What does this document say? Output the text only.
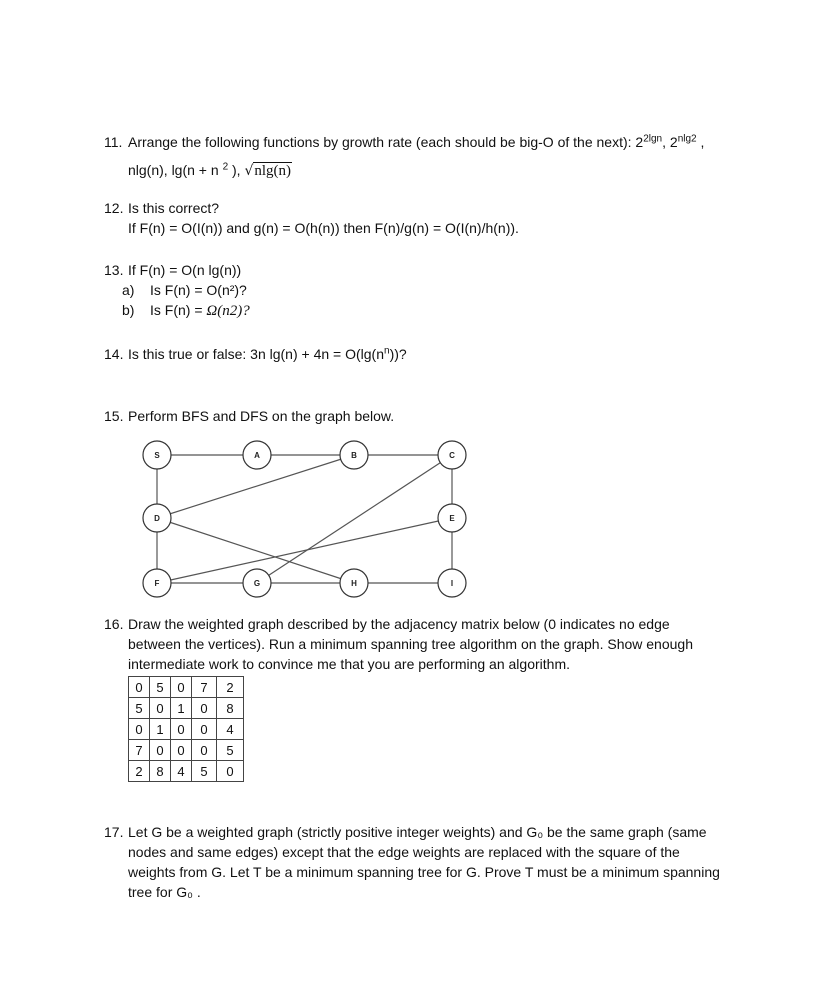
11. Arrange the following functions by growth rate (each should be big-O of the next): $2^{2lgn}$, $2^{nlg2}$ ,
nlg(n), lg(n + n $^2$ ), √nlg(n)
12. Is this correct?
If F(n) = O(I(n)) and g(n) = O(h(n)) then F(n)/g(n) = O(I(n)/h(n)).
13. If F(n) = O(n lg(n))
a) Is F(n) = O(n²)?
b) Is F(n) = Ω(n2)?
14. Is this true or false: 3n $\lg(n) + 4n = O(\lg(n^n))$?
15. Perform BFS and DFS on the graph below.
S	A	B	C
D	E
F	G	H	I
16. Draw the weighted graph described by the adjacency matrix below (0 indicates no edge
between the vertices). Run a minimum spanning tree algorithm on the graph. Show enough
intermediate work to convince me that you are performing an algorithm.
0	5	0	7	2
5	0	1	0	8
0	1	0	0	4
7	0	0	0	5
2	8	4	5	0
17. Let G be a weighted graph (strictly positive integer weights) and G₀ be the same graph (same
nodes and same edges) except that the edge weights are replaced with the square of the
weights from G. Let T be a minimum spanning tree for G. Prove T must be a minimum spanning
tree for G₀ .
